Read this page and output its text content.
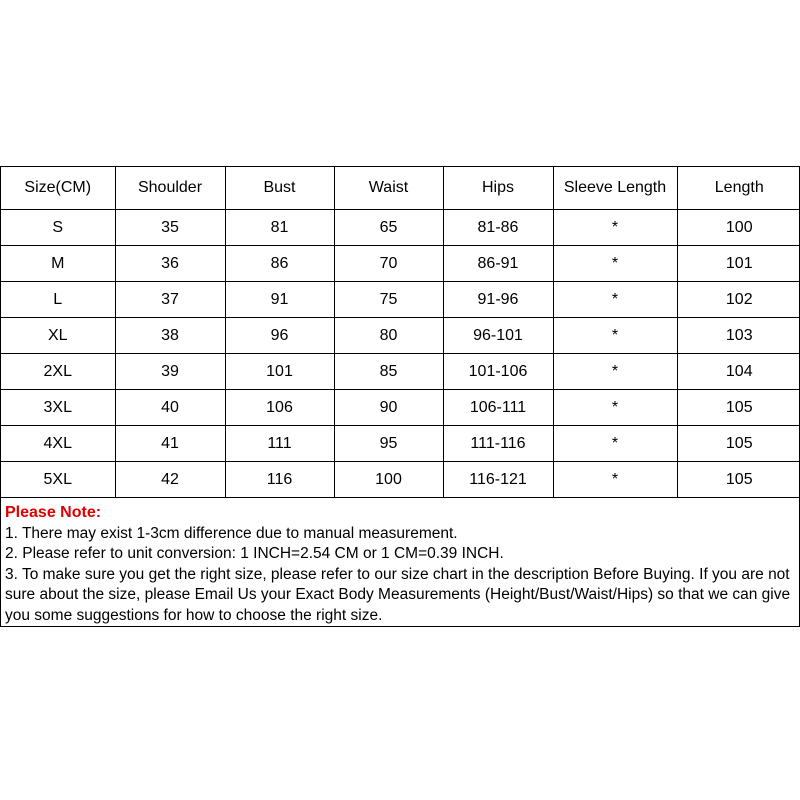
Size(CM)	Shoulder	Bust	Waist	Hips	Sleeve Length	Length
S	35	81	65	81-86	*	100
M	36	86	70	86-91	*	101
L	37	91	75	91-96	*	102
XL	38	96	80	96-101	*	103
2XL	39	101	85	101-106	*	104
3XL	40	106	90	106-111	*	105
4XL	41	111	95	111-116	*	105
5XL	42	116	100	116-121	*	105
Please Note:

1. There may exist 1-3cm difference due to manual measurement.

2. Please refer to unit conversion: 1 INCH=2.54 CM or 1 CM=0.39 INCH.

3. To make sure you get the right size, please refer to our size chart in the description Before Buying. If you are not sure about the size, please Email Us your Exact Body Measurements (Height/Bust/Waist/Hips) so that we can give you some suggestions for how to choose the right size.
